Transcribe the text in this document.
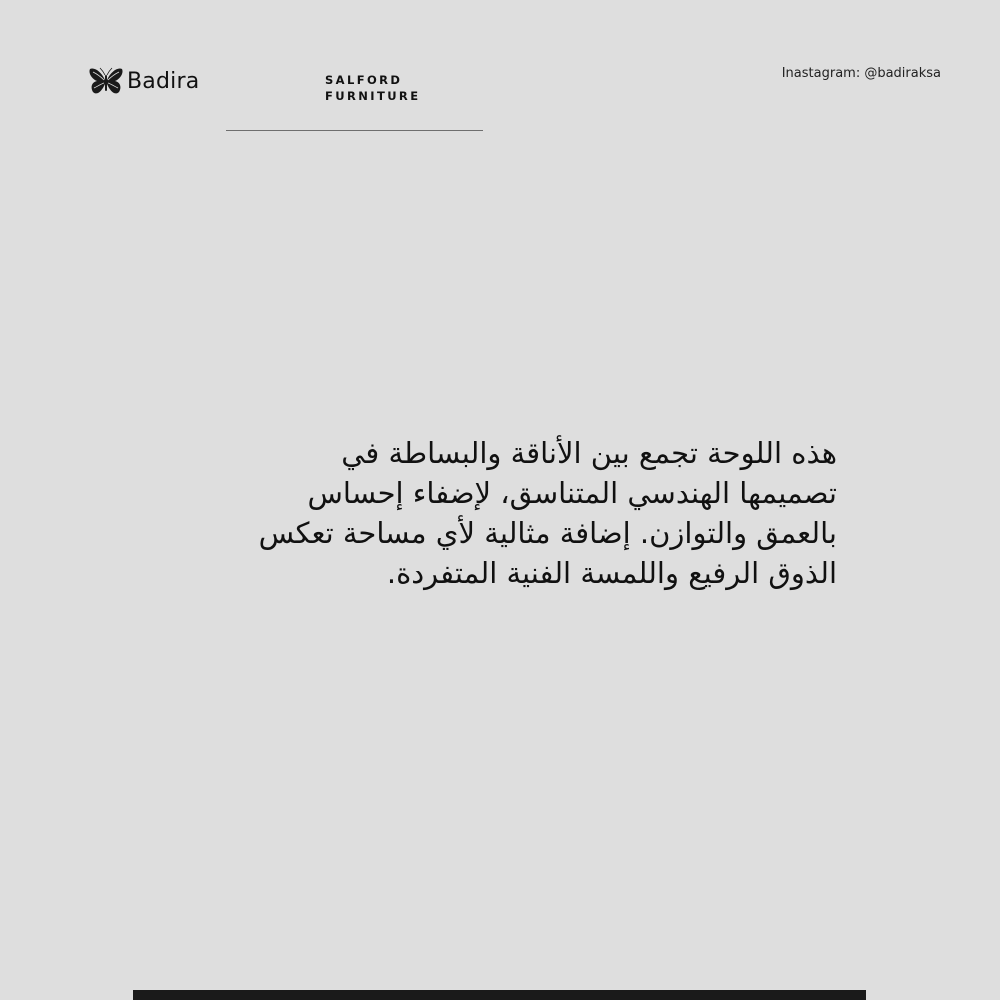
Badira	SALFORD
FURNITURE
Inastagram: @badiraksa
هذه اللوحة تجمع بين الأناقة والبساطة في
تصميمها الهندسي المتناسق، لإضفاء إحساس
بالعمق والتوازن. إضافة مثالية لأي مساحة تعكس
الذوق الرفيع واللمسة الفنية المتفردة.
